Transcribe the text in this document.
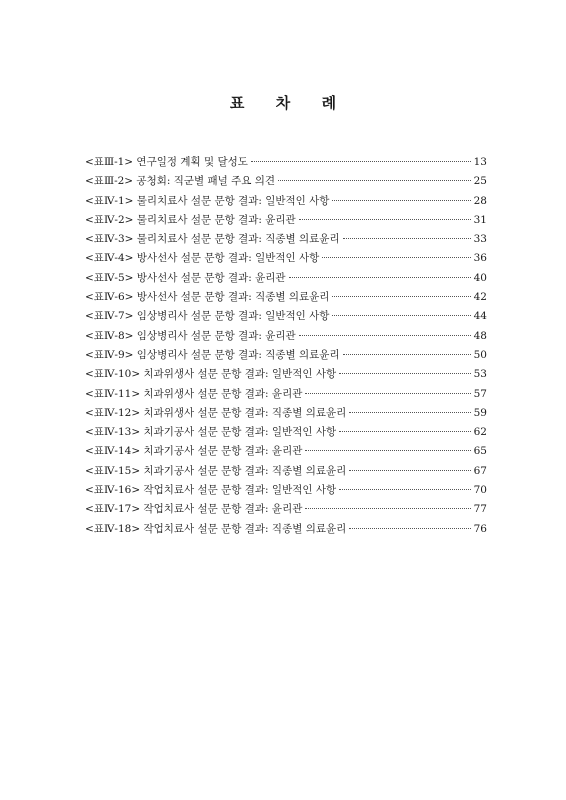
표      차      례
<표Ⅲ-1> 연구일정 계획 및 달성도	13
<표Ⅲ-2> 공청회: 직군별 패널 주요 의견	25
<표Ⅳ-1> 물리치료사 설문 문항 결과: 일반적인 사항	28
<표Ⅳ-2> 물리치료사 설문 문항 결과: 윤리관	31
<표Ⅳ-3> 물리치료사 설문 문항 결과: 직종별 의료윤리	33
<표Ⅳ-4> 방사선사 설문 문항 결과: 일반적인 사항	36
<표Ⅳ-5> 방사선사 설문 문항 결과: 윤리관	40
<표Ⅳ-6> 방사선사 설문 문항 결과: 직종별 의료윤리	42
<표Ⅳ-7> 임상병리사 설문 문항 결과: 일반적인 사항	44
<표Ⅳ-8> 임상병리사 설문 문항 결과: 윤리관	48
<표Ⅳ-9> 임상병리사 설문 문항 결과: 직종별 의료윤리	50
<표Ⅳ-10> 치과위생사 설문 문항 결과: 일반적인 사항	53
<표Ⅳ-11> 치과위생사 설문 문항 결과: 윤리관	57
<표Ⅳ-12> 치과위생사 설문 문항 결과: 직종별 의료윤리	59
<표Ⅳ-13> 치과기공사 설문 문항 결과: 일반적인 사항	62
<표Ⅳ-14> 치과기공사 설문 문항 결과: 윤리관	65
<표Ⅳ-15> 치과기공사 설문 문항 결과: 직종별 의료윤리	67
<표Ⅳ-16> 작업치료사 설문 문항 결과: 일반적인 사항	70
<표Ⅳ-17> 작업치료사 설문 문항 결과: 윤리관	77
<표Ⅳ-18> 작업치료사 설문 문항 결과: 직종별 의료윤리	76
